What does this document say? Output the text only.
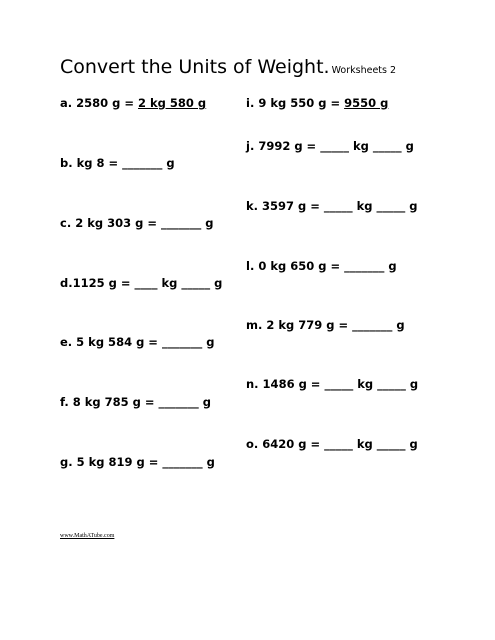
Convert the Units of Weight. Worksheets 2
a. 2580 g = 2 kg 580 g
b. kg 8 = _______ g
c. 2 kg 303 g = _______ g
d.1125 g = ____ kg _____ g
e. 5 kg 584 g = _______ g
f. 8 kg 785 g = _______ g
g. 5 kg 819 g = _______ g
i. 9 kg 550 g = 9550 g
j. 7992 g = _____ kg _____ g
k. 3597 g = _____ kg _____ g
l. 0 kg 650 g = _______ g
m. 2 kg 779 g = _______ g
n. 1486 g = _____ kg _____ g
o. 6420 g = _____ kg _____ g
www.MathATube.com
